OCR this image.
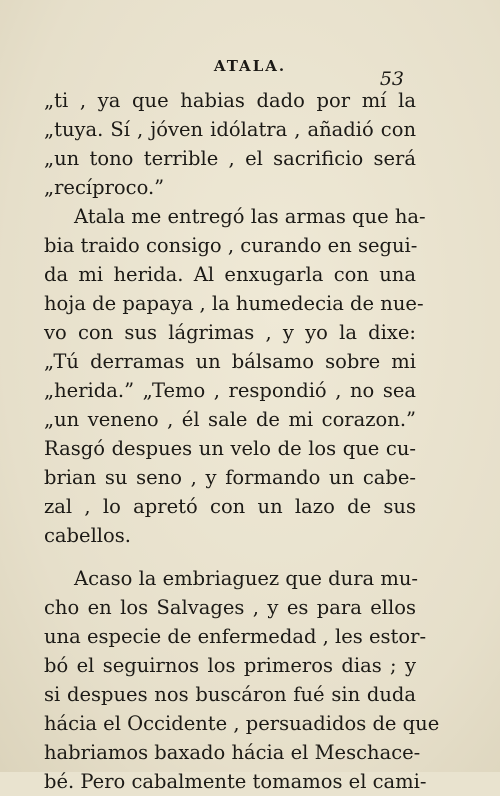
ATALA.
53
„ti , ya que habias dado por mí la
„tuya. Sí , jóven idólatra , añadió con
„un tono terrible , el sacrificio será
„recíproco.”
Atala me entregó las armas que ha-
bia traido consigo , curando en segui-
da mi herida. Al enxugarla con una
hoja de papaya , la humedecia de nue-
vo con sus lágrimas , y yo la dixe:
„Tú derramas un bálsamo sobre mi
„herida.” „Temo , respondió , no sea
„un veneno , él sale de mi corazon.”
Rasgó despues un velo de los que cu-
brian su seno , y formando un cabe-
zal , lo apretó con un lazo de sus
cabellos.
Acaso la embriaguez que dura mu-
cho en los Salvages , y es para ellos
una especie de enfermedad , les estor-
bó el seguirnos los primeros dias ; y
si despues nos buscáron fué sin duda
hácia el Occidente , persuadidos de que
habriamos baxado hácia el Meschace-
bé. Pero cabalmente tomamos el cami-
